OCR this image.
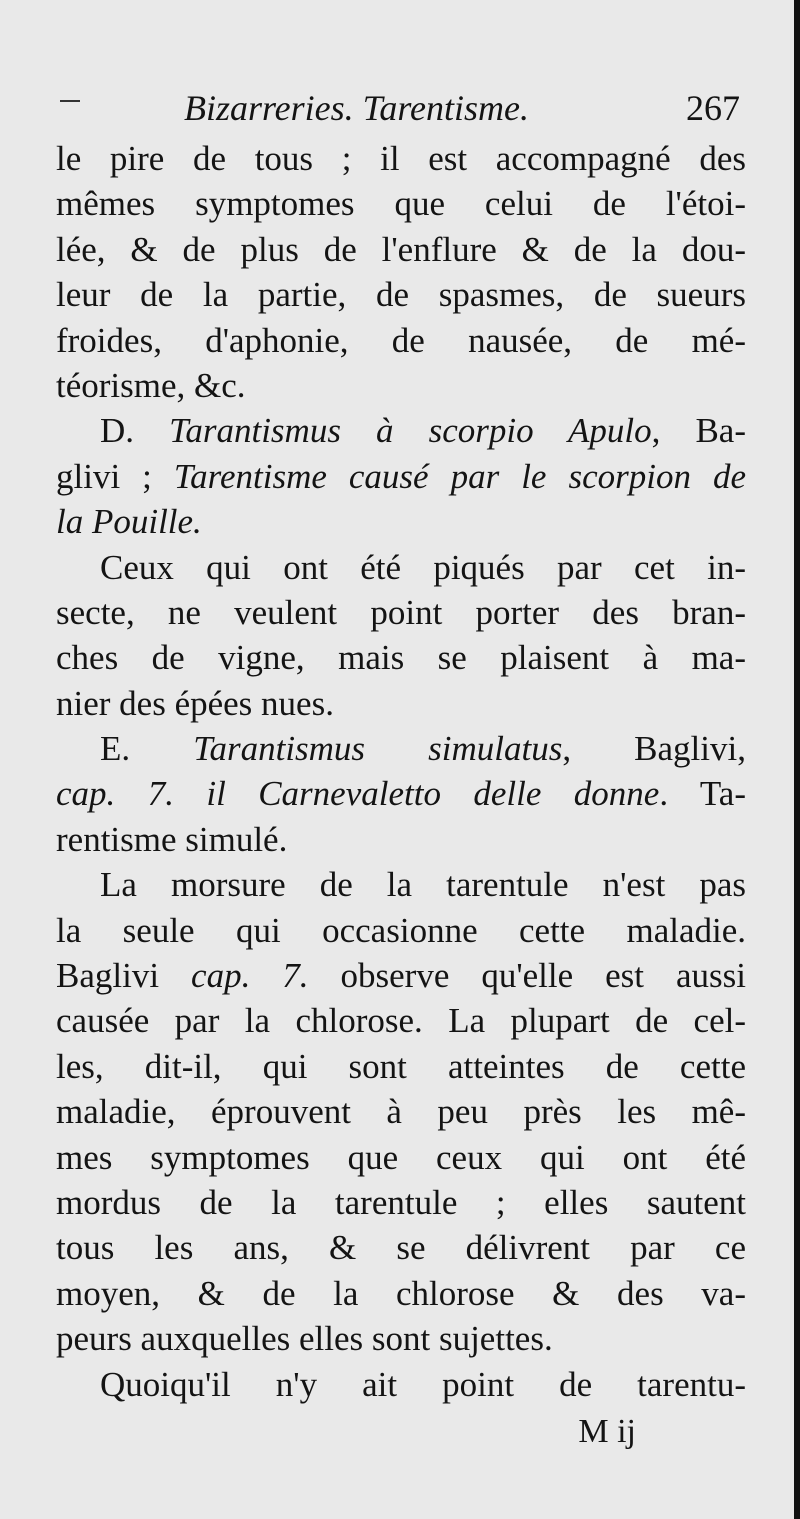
Bizarreries. Tarentisme.	267
le pire de tous ; il est accompagné des
mêmes symptomes que celui de l'étoi-
lée, & de plus de l'enflure & de la dou-
leur de la partie, de spasmes, de sueurs
froides, d'aphonie, de nausée, de mé-
téorisme, &c.
D. Tarantismus à scorpio Apulo, Ba-
glivi ; Tarentisme causé par le scorpion de
la Pouille.
Ceux qui ont été piqués par cet in-
secte, ne veulent point porter des bran-
ches de vigne, mais se plaisent à ma-
nier des épées nues.
E. Tarantismus simulatus, Baglivi,
cap. 7. il Carnevaletto delle donne. Ta-
rentisme simulé.
La morsure de la tarentule n'est pas
la seule qui occasionne cette maladie.
Baglivi cap. 7. observe qu'elle est aussi
causée par la chlorose. La plupart de cel-
les, dit-il, qui sont atteintes de cette
maladie, éprouvent à peu près les mê-
mes symptomes que ceux qui ont été
mordus de la tarentule ; elles sautent
tous les ans, & se délivrent par ce
moyen, & de la chlorose & des va-
peurs auxquelles elles sont sujettes.
Quoiqu'il n'y ait point de tarentu-
M ij
